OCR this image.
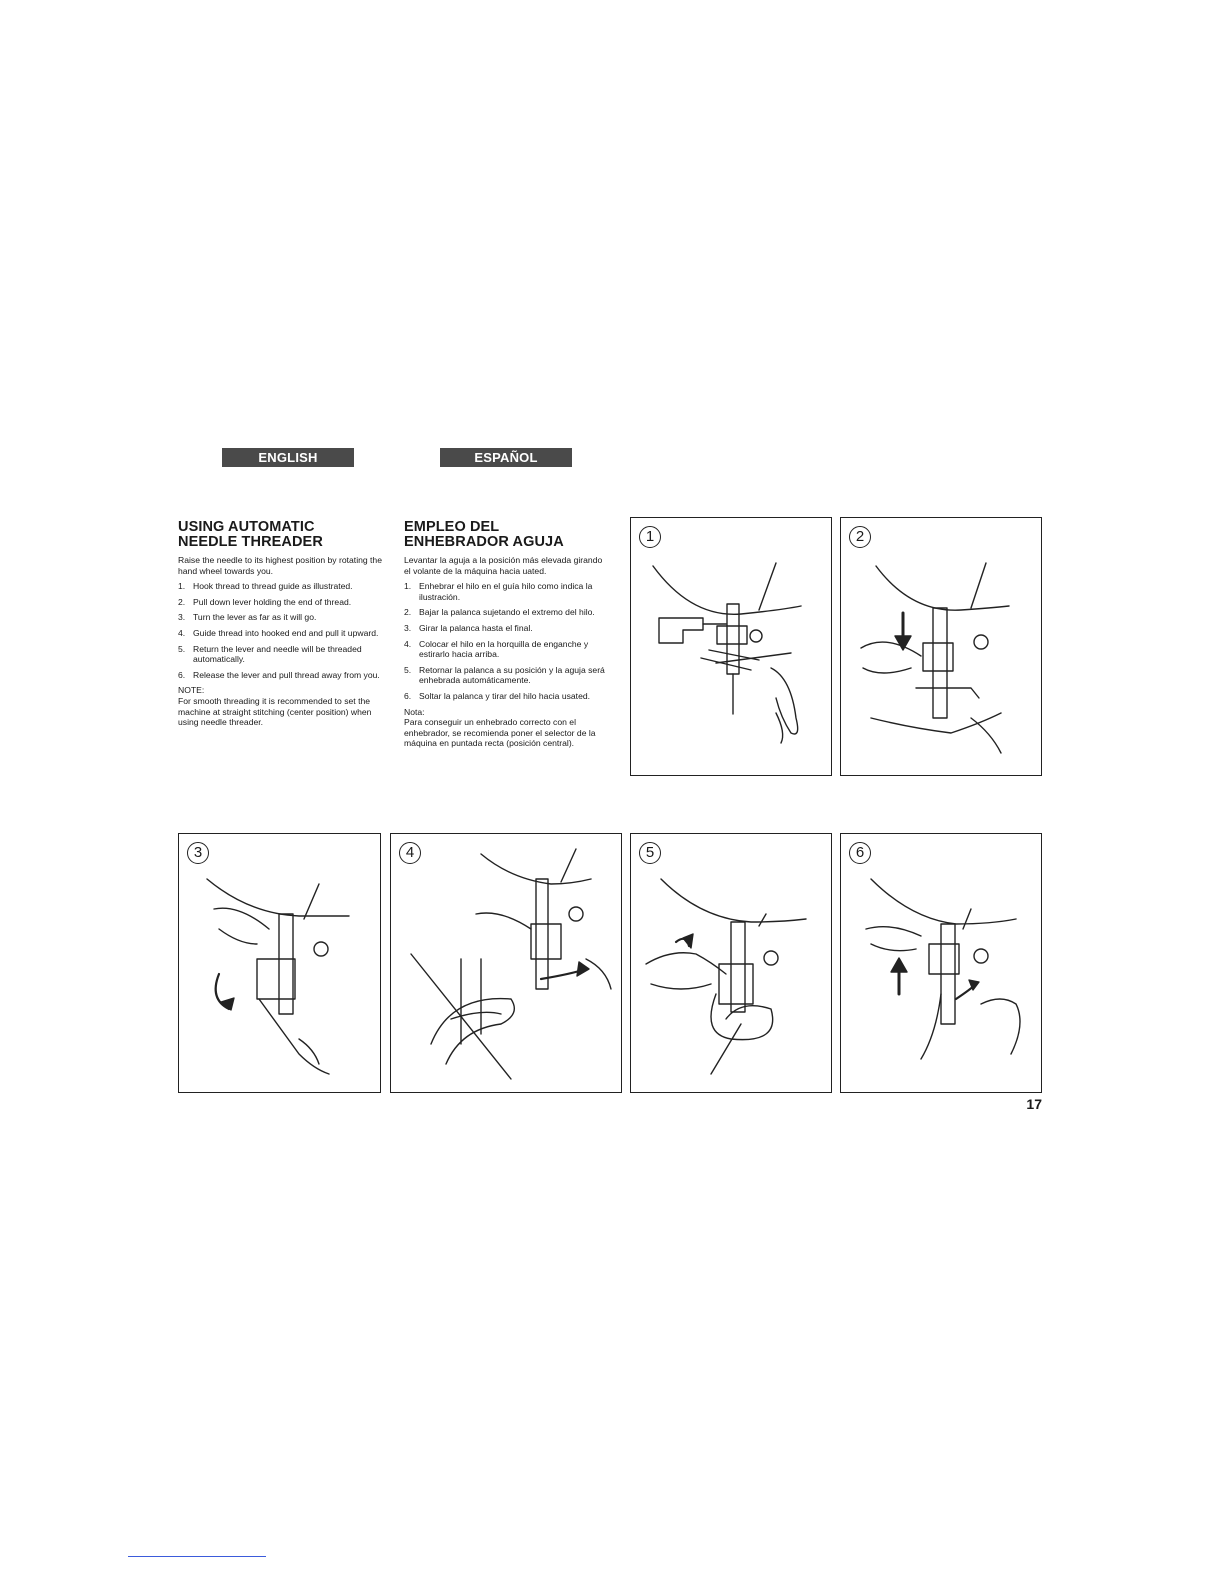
ENGLISH	ESPAÑOL
USING AUTOMATIC
NEEDLE THREADER

Raise the needle to its highest position by rotating the hand wheel towards you.

1. Hook thread to thread guide as illustrated.
2. Pull down lever holding the end of thread.
3. Turn the lever as far as it will go.
4. Guide thread into hooked end and pull it upward.
5. Return the lever and needle will be threaded automatically.
6. Release the lever and pull thread away from you.

NOTE:

For smooth threading it is recommended to set the machine at straight stitching (center position) when using needle threader.

EMPLEO DEL
ENHEBRADOR AGUJA

Levantar la aguja a la posición más elevada girando el volante de la máquina hacia uated.

1. Enhebrar el hilo en el guía hilo como indica la ilustración.
2. Bajar la palanca sujetando el extremo del hilo.
3. Girar la palanca hasta el final.
4. Colocar el hilo en la horquilla de enganche y estirarlo hacia arriba.
5. Retornar la palanca a su posición y la aguja será enhebrada automáticamente.
6. Soltar la palanca y tirar del hilo hacia usated.

Nota:

Para conseguir un enhebrado correcto con el enhebrador, se recomienda poner el selector de la máquina en puntada recta (posición central).

1	2
3	4	5	6
17
